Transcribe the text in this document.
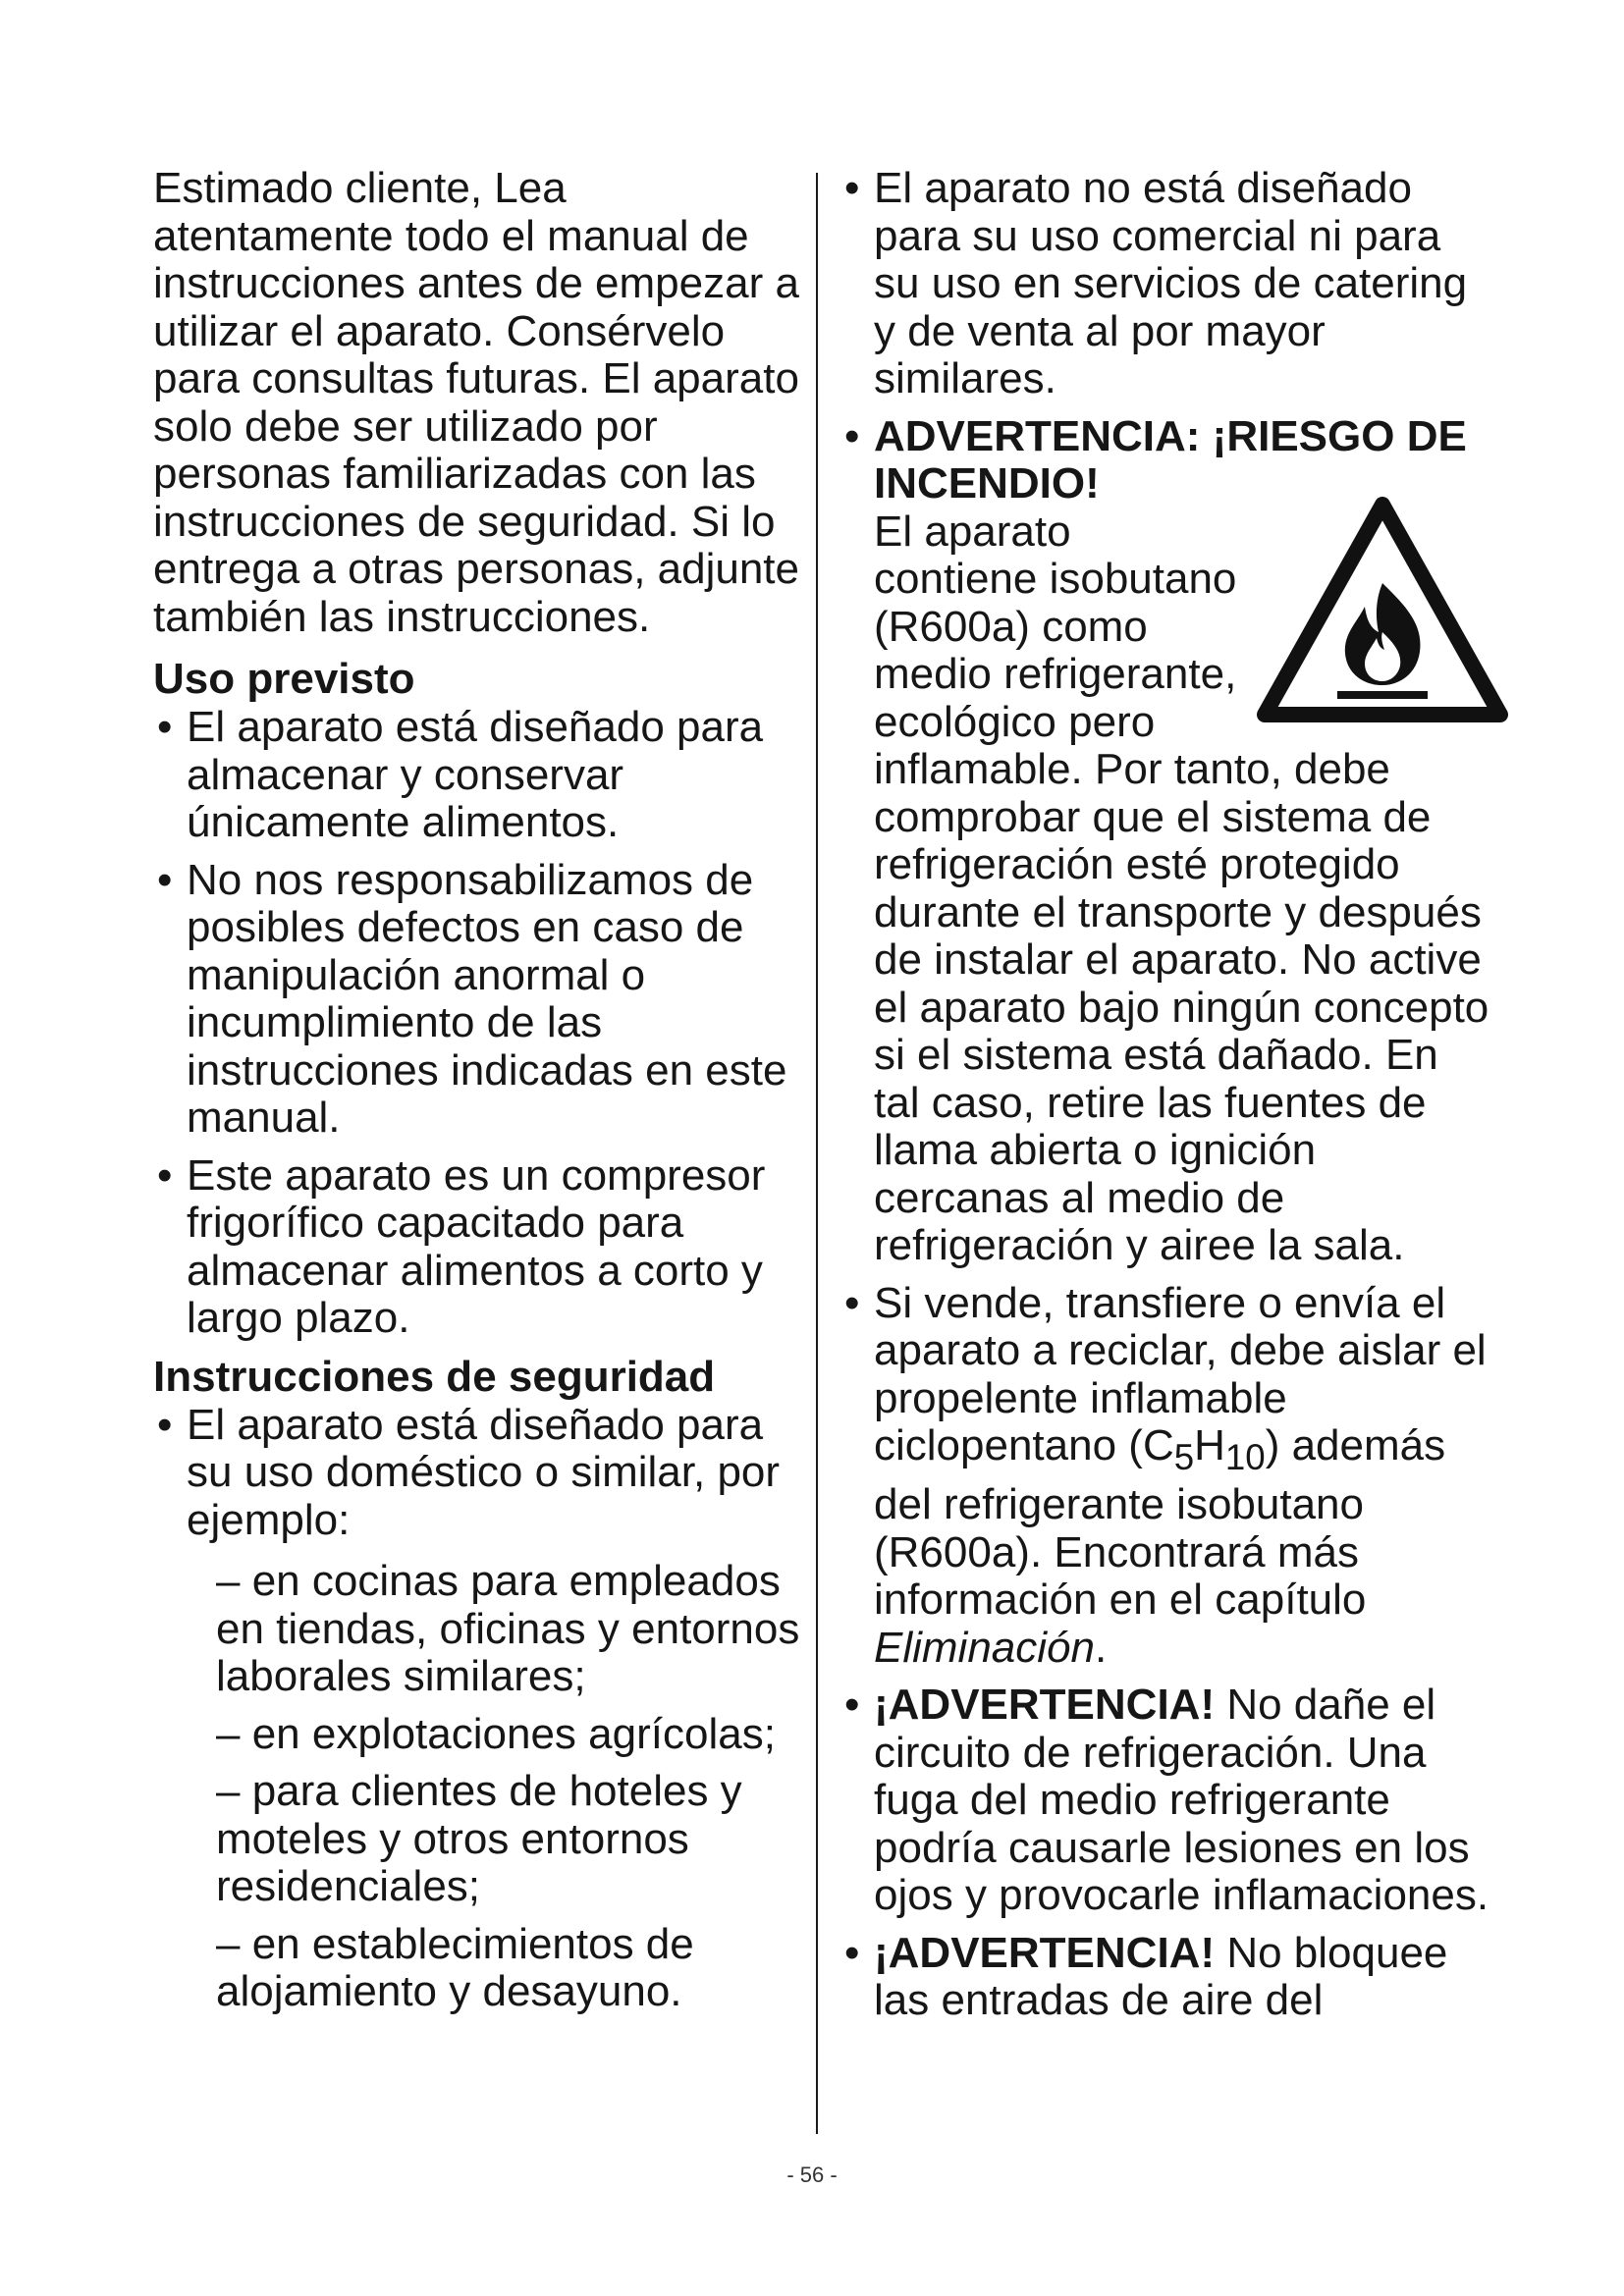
Estimado cliente, Lea atentamente todo el manual de instrucciones antes de empezar a utilizar el aparato. Consérvelo para consultas futuras. El aparato solo debe ser utilizado por personas familiarizadas con las instrucciones de seguridad. Si lo entrega a otras personas, adjunte también las instrucciones.

Uso previsto
• El aparato está diseñado para almacenar y conservar únicamente alimentos.
• No nos responsabilizamos de posibles defectos en caso de manipulación anormal o incumplimiento de las instrucciones indicadas en este manual.
• Este aparato es un compresor frigorífico capacitado para almacenar alimentos a corto y largo plazo.
Instrucciones de seguridad
• El aparato está diseñado para su uso doméstico o similar, por ejemplo:
– en cocinas para empleados en tiendas, oficinas y entornos laborales similares;
– en explotaciones agrícolas;
– para clientes de hoteles y moteles y otros entornos residenciales;
– en establecimientos de alojamiento y desayuno.
• El aparato no está diseñado para su uso comercial ni para su uso en servicios de catering y de venta al por mayor similares.
• ADVERTENCIA: ¡RIESGO DE INCENDIO!
El aparato contiene isobutano (R600a) como medio refrigerante, ecológico pero inflamable. Por tanto, debe comprobar que el sistema de refrigeración esté protegido durante el transporte y después de instalar el aparato. No active el aparato bajo ningún concepto si el sistema está dañado. En tal caso, retire las fuentes de llama abierta o ignición cercanas al medio de refrigeración y airee la sala.
• Si vende, transfiere o envía el aparato a reciclar, debe aislar el propelente inflamable ciclopentano $(C_5H_{10})$ además del refrigerante isobutano (R600a). Encontrará más información en el capítulo Eliminación.
• ¡ADVERTENCIA! No dañe el circuito de refrigeración. Una fuga del medio refrigerante podría causarle lesiones en los ojos y provocarle inflamaciones.
• ¡ADVERTENCIA! No bloquee las entradas de aire del
- 56 -
